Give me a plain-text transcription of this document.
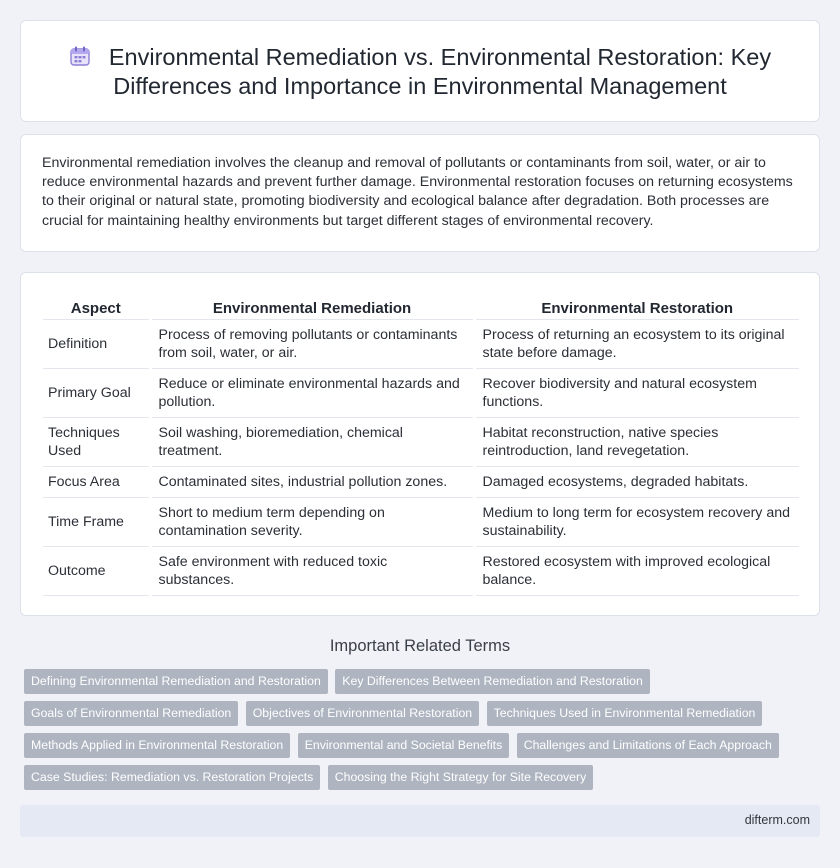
Environmental Remediation vs. Environmental Restoration: Key Differences and Importance in Environmental Management

Environmental remediation involves the cleanup and removal of pollutants or contaminants from soil, water, or air to reduce environmental hazards and prevent further damage. Environmental restoration focuses on returning ecosystems to their original or natural state, promoting biodiversity and ecological balance after degradation. Both processes are crucial for maintaining healthy environments but target different stages of environmental recovery.

Aspect	Environmental Remediation	Environmental Restoration
Definition	Process of removing pollutants or contaminants from soil, water, or air.	Process of returning an ecosystem to its original state before damage.
Primary Goal	Reduce or eliminate environmental hazards and pollution.	Recover biodiversity and natural ecosystem functions.
Techniques Used	Soil washing, bioremediation, chemical treatment.	Habitat reconstruction, native species reintroduction, land revegetation.
Focus Area	Contaminated sites, industrial pollution zones.	Damaged ecosystems, degraded habitats.
Time Frame	Short to medium term depending on contamination severity.	Medium to long term for ecosystem recovery and sustainability.
Outcome	Safe environment with reduced toxic substances.	Restored ecosystem with improved ecological balance.
Important Related Terms
Defining Environmental Remediation and Restoration Key Differences Between Remediation and Restoration
Goals of Environmental Remediation Objectives of Environmental Restoration Techniques Used in Environmental Remediation
Methods Applied in Environmental Restoration Environmental and Societal Benefits Challenges and Limitations of Each Approach
Case Studies: Remediation vs. Restoration Projects Choosing the Right Strategy for Site Recovery
difterm.com
